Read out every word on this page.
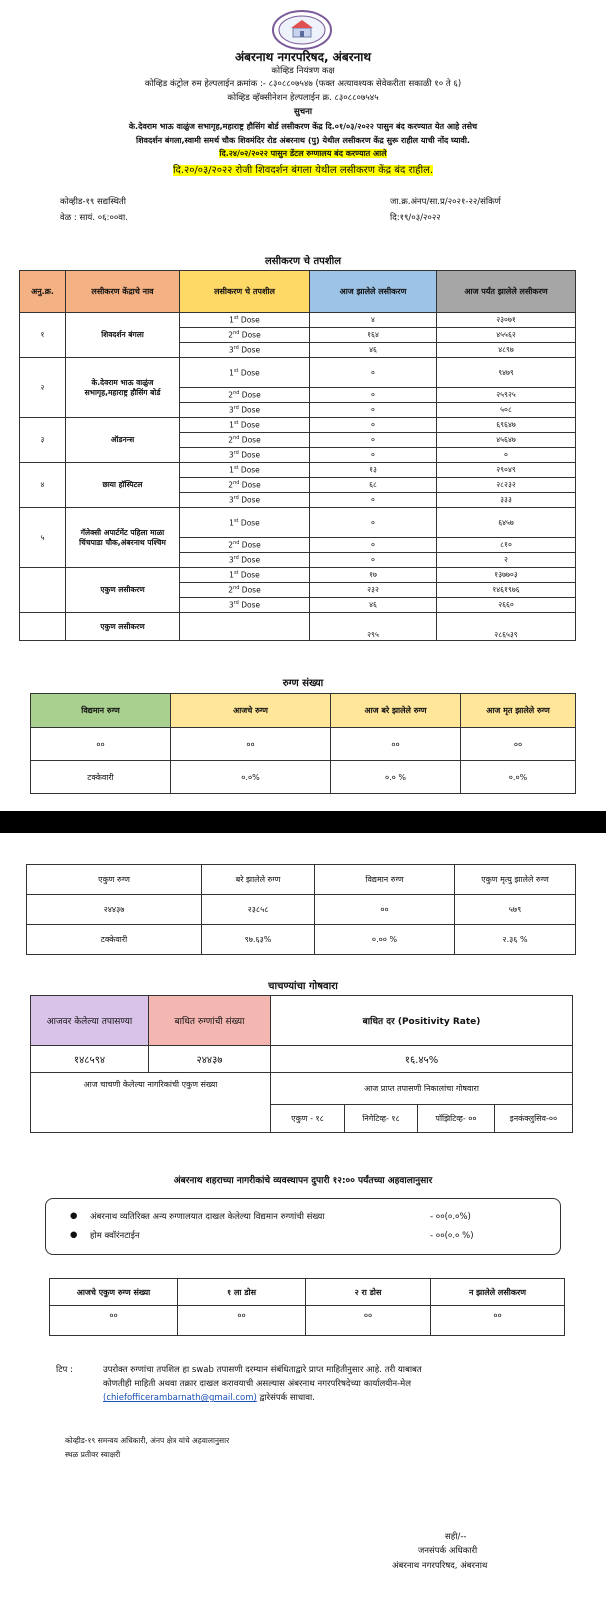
अंबरनाथ नगरपरिषद, अंबरनाथ
कोव्हिड नियंत्रण कक्ष
कोव्हिड कंट्रोल रुम हेल्पलाईन क्रमांक :- ८३०८८०७५४७ (फक्त अत्यावश्यक सेवेकरीता सकाळी १० ते ६)
कोव्हिड व्हॅक्सीनेशन हेल्पलाईन क्र. ८३०८८०७५४५
सुचना
के.देवराम भाऊ वाळुंज सभागृह,महाराष्ट्र हौसिंग बोर्ड लसीकरण केंद्र दि.०१/०३/२०२२ पासुन बंद करण्यात येत आहे तसेच
शिवदर्शन बंगला,स्वामी समर्थ चौक शिवमंदिर रोड अंबरनाथ (पु) येथील लसीकरण केंद्र सुरू राहील याची नोंद घ्यावी.
दि.२४/०२/२०२२ पासुन डेंटल रुग्णालय बंद करण्यात आले
दि.२०/०३/२०२२ रोजी शिवदर्शन बंगला येथील लसीकरण केंद्र बंद राहील.
कोव्हीड-१९ सद्यस्थिती
वेळ : सायं. ०६:००वा.
जा.क्र.अंनप/सा.प्र/२०२१-२२/संकिर्ण
दि:१९/०३/२०२२
लसीकरण चे तपशील
अनु.क्र.	लसीकरण केंद्राचे नाव	लसीकरण चे तपशील	आज झालेले लसीकरण	आज पर्यंत झालेले लसीकरण
१	शिवदर्शन बंगला	1st Dose	४	२३०७१
		2nd Dose	१६४	४५५६२
		3rd Dose	४६	४८९७
२	के.देवराम भाऊ वाळुंज सभागृह,महाराष्ट्र हौसिंग बोर्ड	1st Dose	०	९४७९
		2nd Dose	०	२५९२५
		3rd Dose	०	५०८
३	ऑडनन्स	1st Dose	०	६९६४७
		2nd Dose	०	४५६४७
		3rd Dose	०	०
४	छाया हॉस्पिटल	1st Dose	१३	२९०४९
		2nd Dose	६८	२८२३२
		3rd Dose	०	३३३
५	गॅलेक्सी अपार्टमेंट पहिला माळा चिंचपाडा चौक,अंबरनाथ पश्चिम	1st Dose	०	६४५७
		2nd Dose	०	८१०
		3rd Dose	०	२
	एकुण लसीकरण	1st Dose	१७	१३७७०३
		2nd Dose	२३२	१४६१९७६
		3rd Dose	४६	२६६०
	एकुण लसीकरण		२९५	२८६५३९
रुग्ण संख्या
विद्यमान रुग्ण	आजचे रुग्ण	आज बरे झालेले रुग्ण	आज मृत झालेले रुग्ण
००	००	००	००
टक्केवारी	०.०%	०.० %	०.०%
एकुण रुग्ण	बरे झालेले रुग्ण	विद्यमान रुग्ण	एकुण मृत्यु झालेले रुग्ण
२४४३७	२३८५८	००	५७९
टक्केवारी	९७.६३%	०.०० %	२.३६ %
चाचण्यांचा गोषवारा
आजवर केलेल्या तपासण्या	बाधित रुग्णांची संख्या	बाधित दर (Positivity Rate)			
१४८५९४	२४४३७	१६.४५%			
आज चाचणी केलेल्या नागरिकांची एकुण संख्या		आज प्राप्त तपासणी निकालांचा गोषवारा			
		एकुण - १८	निगेटिव्ह- १८	पॉझिटिव्ह- ००	इनकंक्लुसिव-००
अंबरनाथ शहराच्या नागरीकांचे व्यवस्थापन दुपारी १२:०० पर्यंतच्या अहवालानुसार
● अंबरनाथ व्यतिरिक्त अन्य रुग्णालयात दाखल केलेल्या विद्यमान रुग्णांची संख्या	- ००(०.०%)
● होम क्वॉरंनटाईन	- ००(०.० %)
आजचे एकुण रुग्ण संख्या	१ ला डोस	२ रा डोस	न झालेले लसीकरण
००	००	००	००
टिप :	उपरोक्त रुग्णांचा तपशिल हा swab तपासणी दरम्यान संबंधिताद्वारे प्राप्त माहितीनुसार आहे. तरी याबाबत
कोणतीही माहिती अथवा तक्रार दाखल करावयाची असल्यास अंबरनाथ नगरपरिषदेच्या कार्यालयीन-मेल
(chiefofficerambarnath@gmail.com) द्वारेसंपर्क साधावा.
कोव्हीड-१९ समन्वय अधिकारी, अंनप क्षेत्र यांचे अहवालानुसार
स्थळ प्रतीवर स्वाक्षरी
सही/--
जनसंपर्क अधिकारी
अंबरनाथ नगरपरिषद, अंबरनाथ
